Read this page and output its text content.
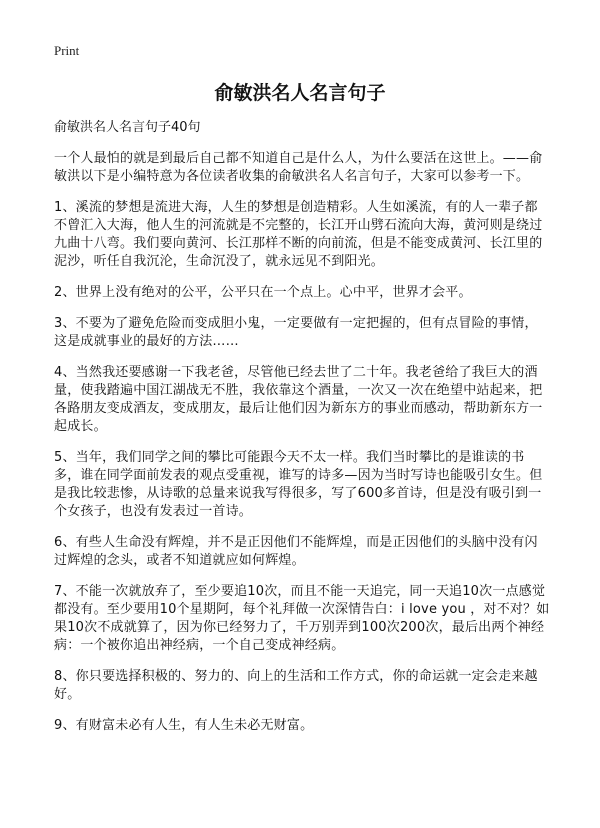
Print
俞敏洪名人名言句子
俞敏洪名人名言句子40句

一个人最怕的就是到最后自己都不知道自己是什么人，为什么要活在这世上。——俞敏洪以下是小编特意为各位读者收集的俞敏洪名人名言句子，大家可以参考一下。

1、溪流的梦想是流进大海，人生的梦想是创造精彩。人生如溪流，有的人一辈子都不曾汇入大海，他人生的河流就是不完整的，长江开山劈石流向大海，黄河则是绕过九曲十八弯。我们要向黄河、长江那样不断的向前流，但是不能变成黄河、长江里的泥沙，听任自我沉沦，生命沉没了，就永远见不到阳光。

2、世界上没有绝对的公平，公平只在一个点上。心中平，世界才会平。

3、不要为了避免危险而变成胆小鬼，一定要做有一定把握的，但有点冒险的事情，这是成就事业的最好的方法……

4、当然我还要感谢一下我老爸，尽管他已经去世了二十年。我老爸给了我巨大的酒量，使我踏遍中国江湖战无不胜，我依靠这个酒量，一次又一次在绝望中站起来，把各路朋友变成酒友，变成朋友，最后让他们因为新东方的事业而感动，帮助新东方一起成长。

5、当年，我们同学之间的攀比可能跟今天不太一样。我们当时攀比的是谁读的书多，谁在同学面前发表的观点受重视，谁写的诗多—因为当时写诗也能吸引女生。但是我比较悲惨，从诗歌的总量来说我写得很多，写了600多首诗，但是没有吸引到一个女孩子，也没有发表过一首诗。

6、有些人生命没有辉煌，并不是正因他们不能辉煌，而是正因他们的头脑中没有闪过辉煌的念头，或者不知道就应如何辉煌。

7、不能一次就放弃了，至少要追10次，而且不能一天追完，同一天追10次一点感觉都没有。至少要用10个星期阿，每个礼拜做一次深情告白：i love you ，对不对？如果10次不成就算了，因为你已经努力了，千万别弄到100次200次，最后出两个神经病：一个被你追出神经病，一个自己变成神经病。

8、你只要选择积极的、努力的、向上的生活和工作方式，你的命运就一定会走来越好。

9、有财富未必有人生，有人生未必无财富。
